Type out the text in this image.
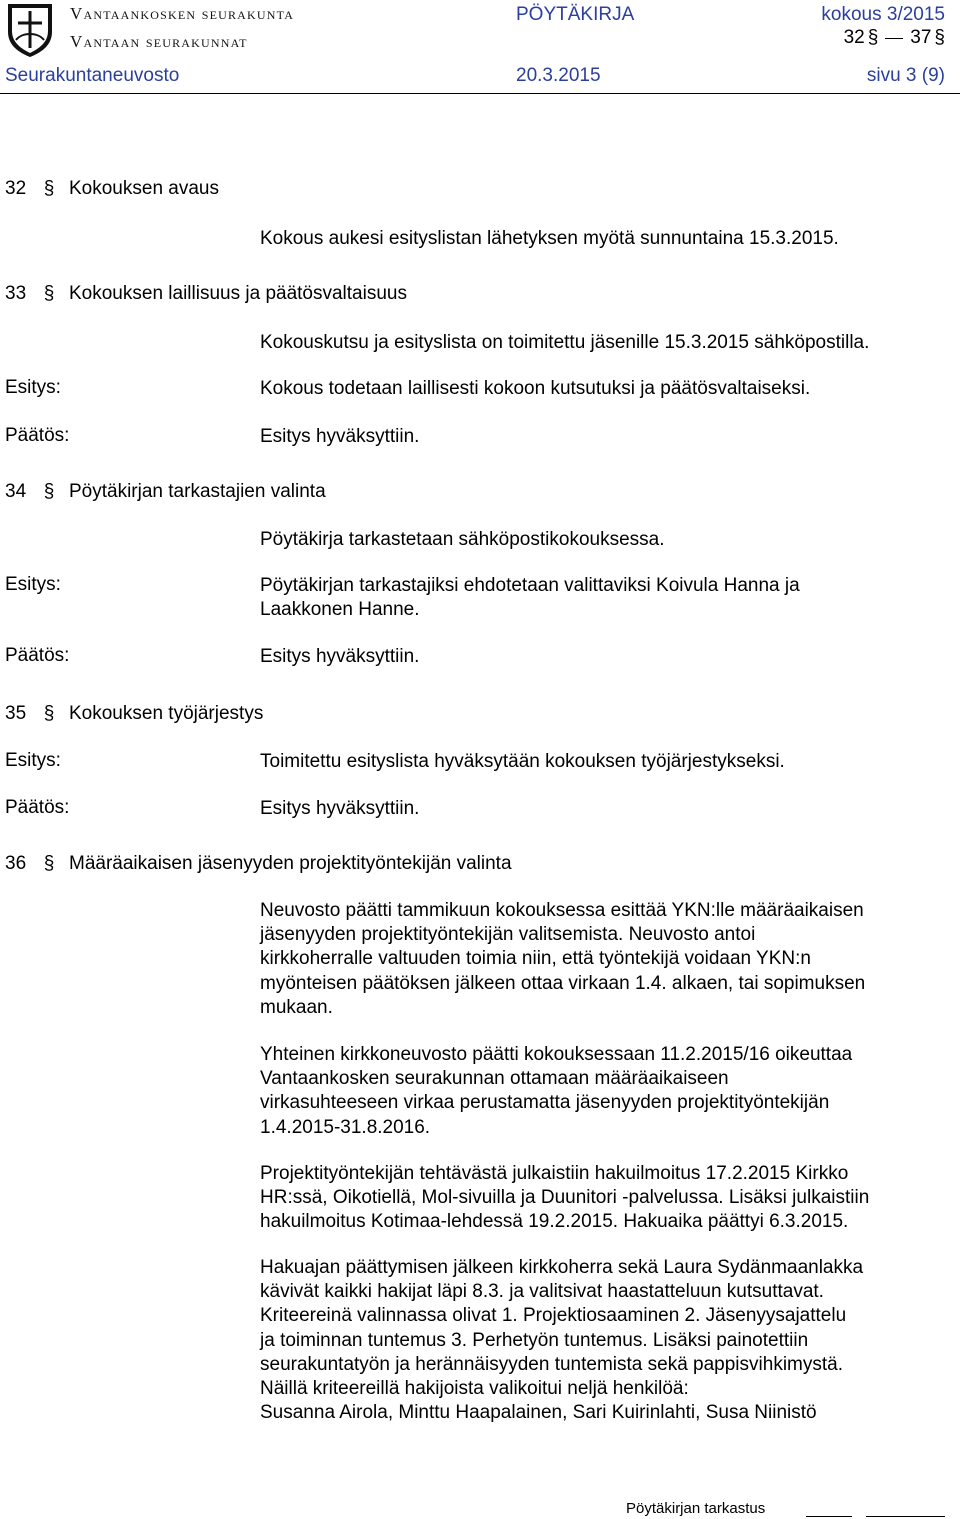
Vantaankosken seurakunta
Vantaan seurakunnat
PÖYTÄKIRJA	kokous 3/2015
32 § 37 §
Seurakuntaneuvosto	20.3.2015	sivu 3 (9)
32 § Kokouksen avaus
Kokous aukesi esityslistan lähetyksen myötä sunnuntaina 15.3.2015.
33 § Kokouksen laillisuus ja päätösvaltaisuus
Kokouskutsu ja esityslista on toimitettu jäsenille 15.3.2015 sähköpostilla.
Esitys:	Kokous todetaan laillisesti kokoon kutsutuksi ja päätösvaltaiseksi.
Päätös:	Esitys hyväksyttiin.
34 § Pöytäkirjan tarkastajien valinta
Pöytäkirja tarkastetaan sähköpostikokouksessa.
Esitys:	Pöytäkirjan tarkastajiksi ehdotetaan valittaviksi Koivula Hanna ja
Laakkonen Hanne.
Päätös:	Esitys hyväksyttiin.
35 § Kokouksen työjärjestys
Esitys:	Toimitettu esityslista hyväksytään kokouksen työjärjestykseksi.
Päätös:	Esitys hyväksyttiin.
36 § Määräaikaisen jäsenyyden projektityöntekijän valinta
Neuvosto päätti tammikuun kokouksessa esittää YKN:lle määräaikaisen
jäsenyyden projektityöntekijän valitsemista. Neuvosto antoi
kirkkoherralle valtuuden toimia niin, että työntekijä voidaan YKN:n
myönteisen päätöksen jälkeen ottaa virkaan 1.4. alkaen, tai sopimuksen
mukaan.
Yhteinen kirkkoneuvosto päätti kokouksessaan 11.2.2015/16 oikeuttaa
Vantaankosken seurakunnan ottamaan määräaikaiseen
virkasuhteeseen virkaa perustamatta jäsenyyden projektityöntekijän
1.4.2015-31.8.2016.
Projektityöntekijän tehtävästä julkaistiin hakuilmoitus 17.2.2015 Kirkko
HR:ssä, Oikotiellä, Mol-sivuilla ja Duunitori -palvelussa. Lisäksi julkaistiin
hakuilmoitus Kotimaa-lehdessä 19.2.2015. Hakuaika päättyi 6.3.2015.
Hakuajan päättymisen jälkeen kirkkoherra sekä Laura Sydänmaanlakka
kävivät kaikki hakijat läpi 8.3. ja valitsivat haastatteluun kutsuttavat.
Kriteereinä valinnassa olivat 1. Projektiosaaminen 2. Jäsenyysajattelu
ja toiminnan tuntemus 3. Perhetyön tuntemus. Lisäksi painotettiin
seurakuntatyön ja herännäisyyden tuntemista sekä pappisvihkimystä.
Näillä kriteereillä hakijoista valikoitui neljä henkilöä:
Susanna Airola, Minttu Haapalainen, Sari Kuirinlahti, Susa Niinistö
Pöytäkirjan tarkastus
